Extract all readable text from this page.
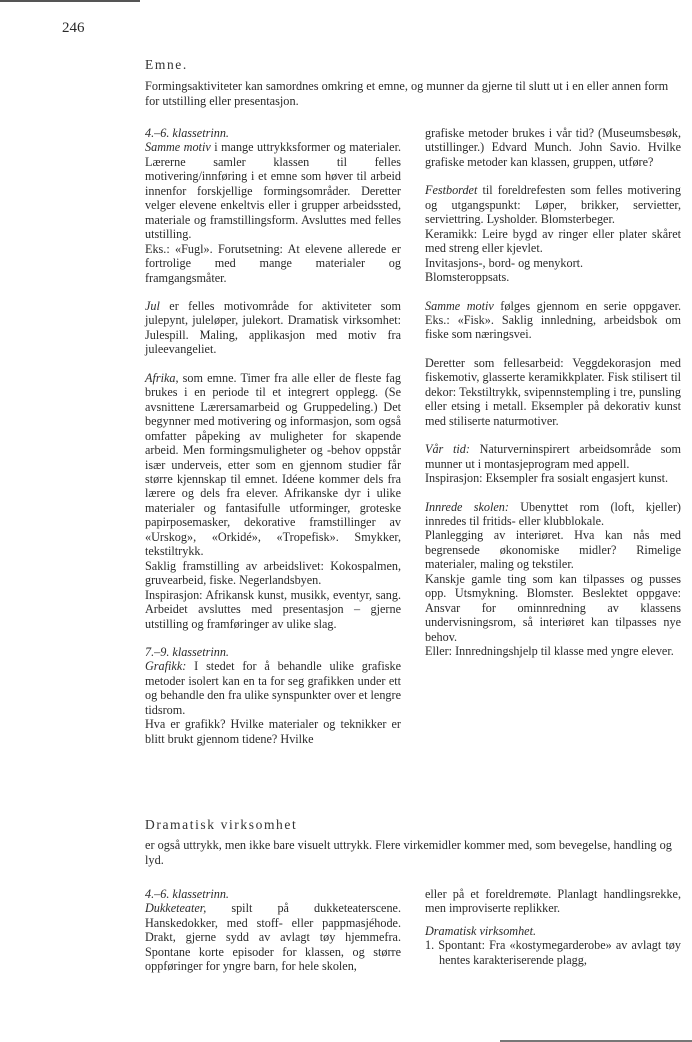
246
Emne.

Formingsaktiviteter kan samordnes omkring et emne, og munner da gjerne til slutt ut i en eller annen form for utstilling eller presentasjon.

4.–6. klassetrinn.
Samme motiv i mange uttrykksformer og materialer. Lærerne samler klassen til felles motivering/innføring i et emne som høver til arbeid innenfor forskjellige formingsområder. Deretter velger elevene enkeltvis eller i grupper arbeidssted, materiale og framstillingsform. Avsluttes med felles utstilling.
Eks.: «Fugl». Forutsetning: At elevene allerede er fortrolige med mange materialer og framgangsmåter.

Jul er felles motivområde for aktiviteter som julepynt, juleløper, julekort. Dramatisk virksomhet: Julespill. Maling, applikasjon med motiv fra juleevangeliet.

Afrika, som emne. Timer fra alle eller de fleste fag brukes i en periode til et integrert opplegg. (Se avsnittene Lærersamarbeid og Gruppedeling.) Det begynner med motivering og informasjon, som også omfatter påpeking av muligheter for skapende arbeid. Men formingsmuligheter og -behov oppstår især underveis, etter som en gjennom studier får større kjennskap til emnet. Idéene kommer dels fra lærere og dels fra elever. Afrikanske dyr i ulike materialer og fantasifulle utforminger, groteske papirposemasker, dekorative framstillinger av «Urskog», «Orkidé», «Tropefisk». Smykker, tekstiltrykk.
Saklig framstilling av arbeidslivet: Kokospalmen, gruvearbeid, fiske. Negerlandsbyen.
Inspirasjon: Afrikansk kunst, musikk, eventyr, sang. Arbeidet avsluttes med presentasjon – gjerne utstilling og framføringer av ulike slag.

7.–9. klassetrinn.
Grafikk: I stedet for å behandle ulike grafiske metoder isolert kan en ta for seg grafikken under ett og behandle den fra ulike synspunkter over et lengre tidsrom.
Hva er grafikk? Hvilke materialer og teknikker er blitt brukt gjennom tidene? Hvilke

grafiske metoder brukes i vår tid? (Museumsbesøk, utstillinger.) Edvard Munch. John Savio. Hvilke grafiske metoder kan klassen, gruppen, utføre?

Festbordet til foreldrefesten som felles motivering og utgangspunkt: Løper, brikker, servietter, serviettring. Lysholder. Blomsterbeger.
Keramikk: Leire bygd av ringer eller plater skåret med streng eller kjevlet.
Invitasjons-, bord- og menykort.
Blomsteroppsats.

Samme motiv følges gjennom en serie oppgaver. Eks.: «Fisk». Saklig innledning, arbeidsbok om fiske som næringsvei.

Deretter som fellesarbeid: Veggdekorasjon med fiskemotiv, glasserte keramikkplater. Fisk stilisert til dekor: Tekstiltrykk, svipennstempling i tre, punsling eller etsing i metall. Eksempler på dekorativ kunst med stiliserte naturmotiver.

Vår tid: Naturverninspirert arbeidsområde som munner ut i montasjeprogram med appell.
Inspirasjon: Eksempler fra sosialt engasjert kunst.

Innrede skolen: Ubenyttet rom (loft, kjeller) innredes til fritids- eller klubblokale.
Planlegging av interiøret. Hva kan nås med begrensede økonomiske midler? Rimelige materialer, maling og tekstiler.
Kanskje gamle ting som kan tilpasses og pusses opp. Utsmykning. Blomster. Beslektet oppgave: Ansvar for ominnredning av klassens undervisningsrom, så interiøret kan tilpasses nye behov.
Eller: Innredningshjelp til klasse med yngre elever.

Dramatisk virksomhet

er også uttrykk, men ikke bare visuelt uttrykk. Flere virkemidler kommer med, som bevegelse, handling og lyd.

4.–6. klassetrinn.
Dukketeater, spilt på dukketeaterscene. Hanskedokker, med stoff- eller pappmasjéhode. Drakt, gjerne sydd av avlagt tøy hjemmefra. Spontane korte episoder for klassen, og større oppføringer for yngre barn, for hele skolen,

eller på et foreldremøte. Planlagt handlingsrekke, men improviserte replikker.

Dramatisk virksomhet.
1. Spontant: Fra «kostymegarderobe» av avlagt tøy hentes karakteriserende plagg,
